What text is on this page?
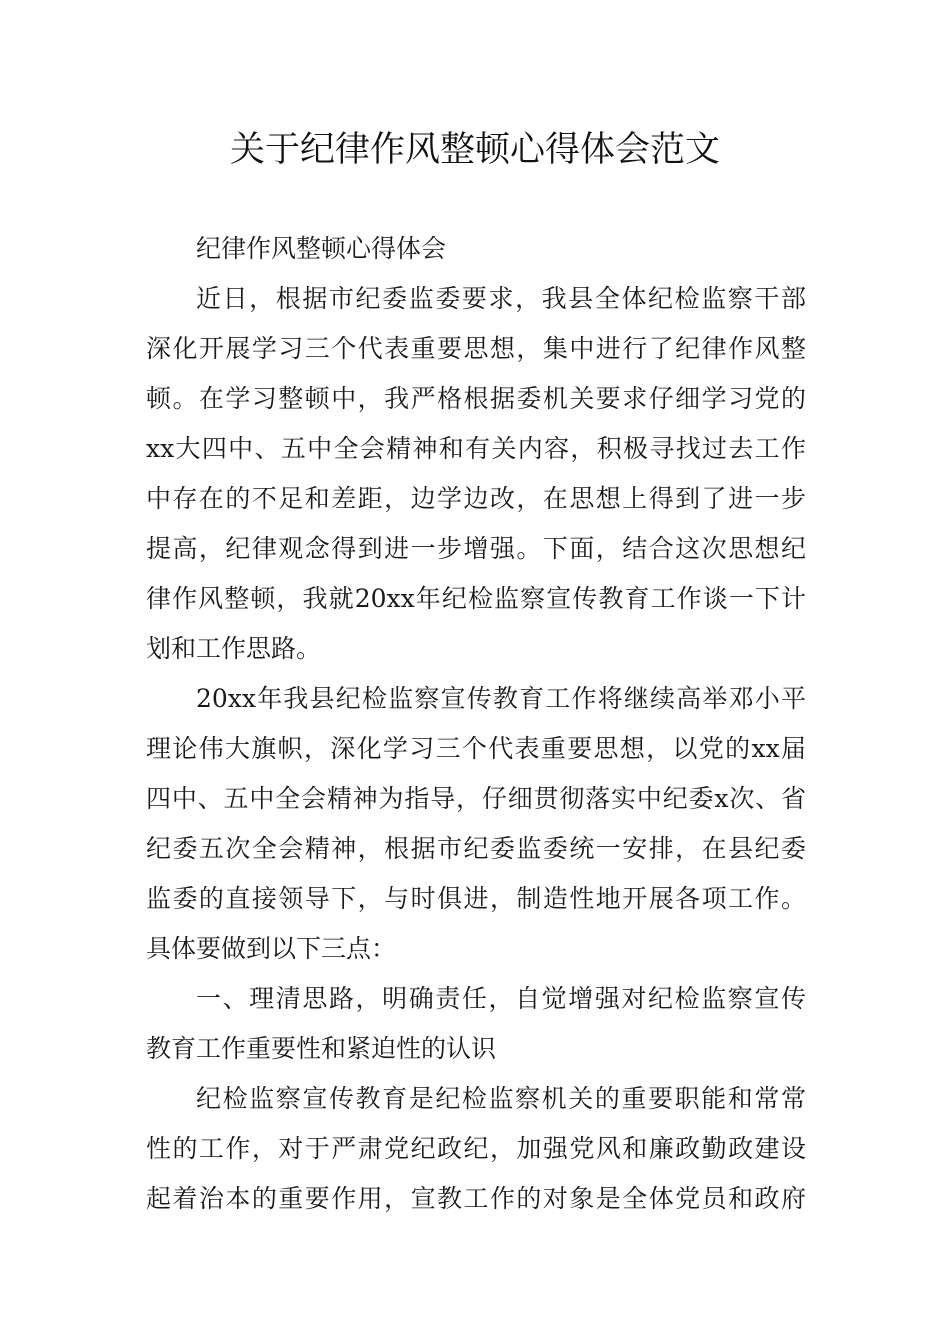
关于纪律作风整顿心得体会范文
纪律作风整顿心得体会
近日，根据市纪委监委要求，我县全体纪检监察干部
深化开展学习三个代表重要思想，集中进行了纪律作风整
顿。在学习整顿中，我严格根据委机关要求仔细学习党的
xx大四中、五中全会精神和有关内容，积极寻找过去工作
中存在的不足和差距，边学边改，在思想上得到了进一步
提高，纪律观念得到进一步增强。下面，结合这次思想纪
律作风整顿，我就20xx年纪检监察宣传教育工作谈一下计
划和工作思路。
20xx年我县纪检监察宣传教育工作将继续高举邓小平
理论伟大旗帜，深化学习三个代表重要思想，以党的xx届
四中、五中全会精神为指导，仔细贯彻落实中纪委x次、省
纪委五次全会精神，根据市纪委监委统一安排，在县纪委
监委的直接领导下，与时俱进，制造性地开展各项工作。
具体要做到以下三点：
一、理清思路，明确责任，自觉增强对纪检监察宣传
教育工作重要性和紧迫性的认识
纪检监察宣传教育是纪检监察机关的重要职能和常常
性的工作，对于严肃党纪政纪，加强党风和廉政勤政建设
起着治本的重要作用，宣教工作的对象是全体党员和政府
